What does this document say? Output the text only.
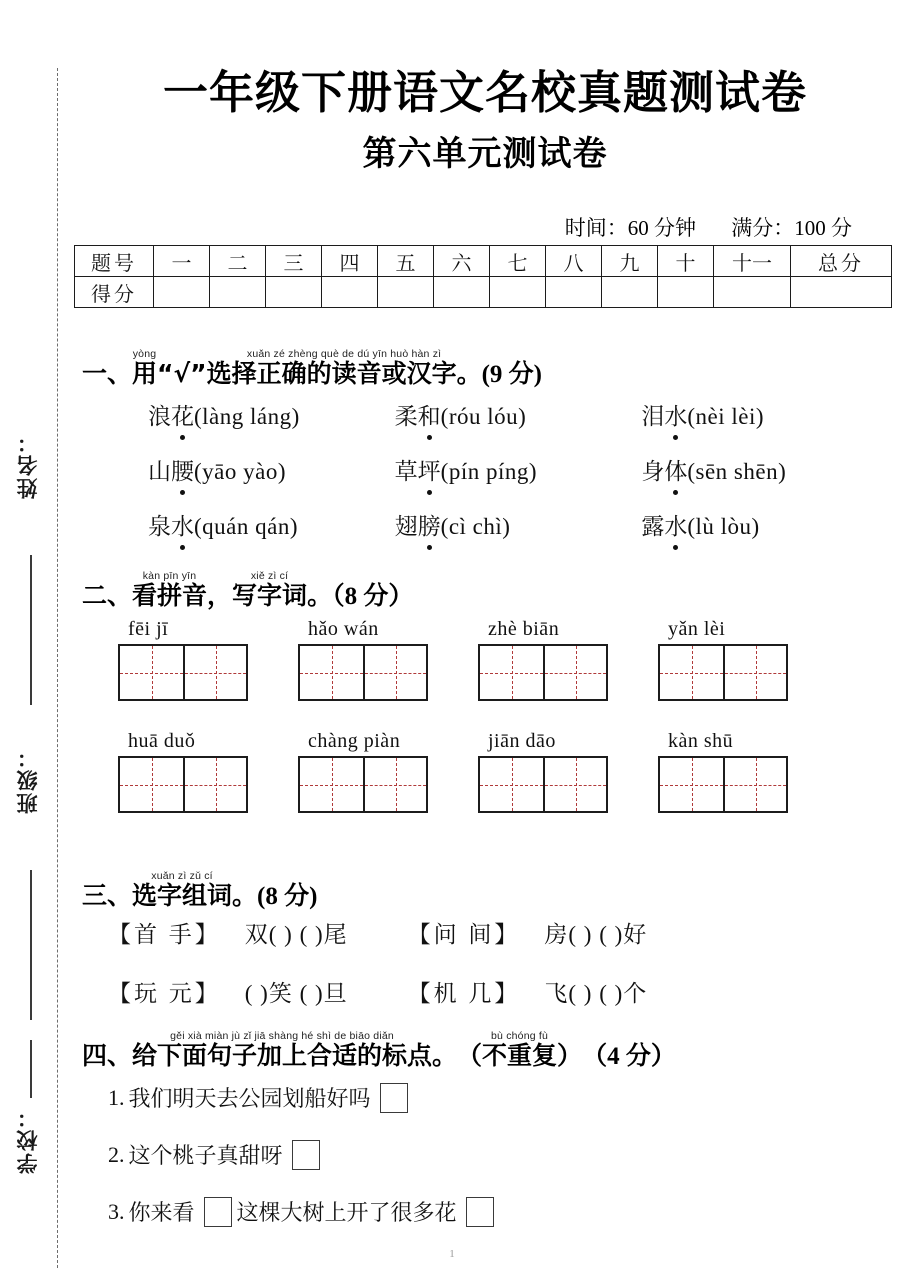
姓名：
班级：
学校：
一年级下册语文名校真题测试卷
第六单元测试卷
时间：60 分钟 满分：100 分
题号	一	二	三	四	五	六	七	八	九	十	十一	总分
得分												
一、用yòng“√”选择正确的读音或汉字。xuǎn zé zhèng què de dú yīn huò hàn zì(9 分)
浪花(làng láng)	柔和(róu lóu)	泪水(nèi lèi)
山腰(yāo yào)	草坪(pín píng)	身体(sēn shēn)
泉水(quán qán)	翅膀(cì chì)	露水(lù lòu)
二、看拼音kàn pīn yīn，写字词xiě zì cí。（8 分）
fēi jī	hǎo wán	zhè biān	yǎn lèi
huā duǒ	chàng piàn	jiān dāo	kàn shū
三、选字组词xuǎn zì zǔ cí。(8 分)
【首 手】 双( ) ( )尾	【问 间】 房( ) ( )好
【玩 元】 ( )笑 ( )旦	【机 几】 飞( ) ( )个
四、给下面句子加上合适的标点gěi xià miàn jù zǐ jiā shàng hé shì de biāo diǎn。（不重复）bù chóng fù（4 分）
1. 我们明天去公园划船好吗
2. 这个桃子真甜呀
3. 你来看 这棵大树上开了很多花
1
